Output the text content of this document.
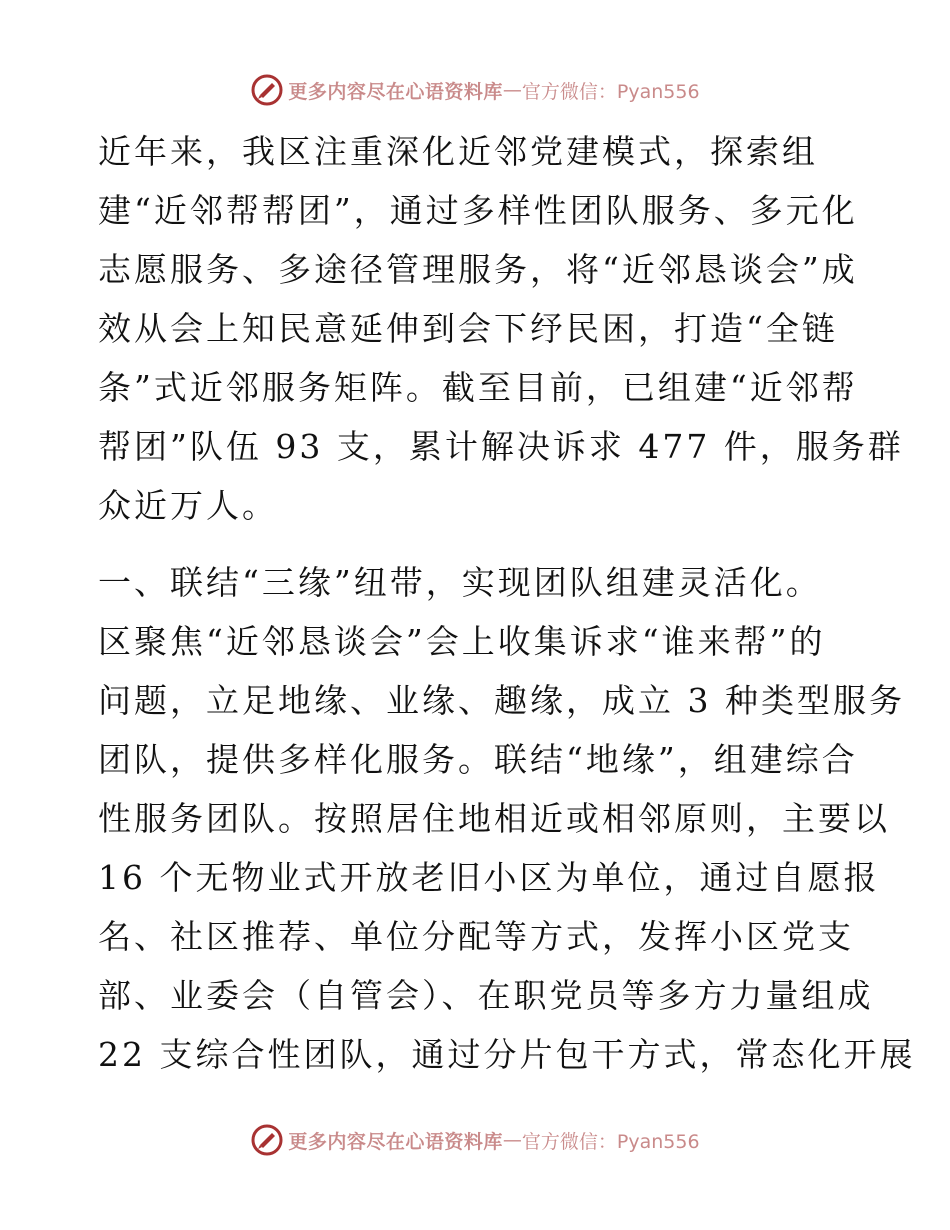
更多内容尽在心语资料库 — 官方微信：Pyan556
近年来，我区注重深化近邻党建模式，探索组
建“近邻帮帮团”，通过多样性团队服务、多元化
志愿服务、多途径管理服务，将“近邻恳谈会”成
效从会上知民意延伸到会下纾民困，打造“全链
条”式近邻服务矩阵。截至目前，已组建“近邻帮
帮团”队伍 93 支，累计解决诉求 477 件，服务群
众近万人。
一、联结“三缘”纽带，实现团队组建灵活化。
区聚焦“近邻恳谈会”会上收集诉求“谁来帮”的
问题，立足地缘、业缘、趣缘，成立 3 种类型服务
团队，提供多样化服务。联结“地缘”，组建综合
性服务团队。按照居住地相近或相邻原则，主要以
16 个无物业式开放老旧小区为单位，通过自愿报
名、社区推荐、单位分配等方式，发挥小区党支
部、业委会（自管会）、在职党员等多方力量组成
22 支综合性团队，通过分片包干方式，常态化开展
更多内容尽在心语资料库 — 官方微信：Pyan556
